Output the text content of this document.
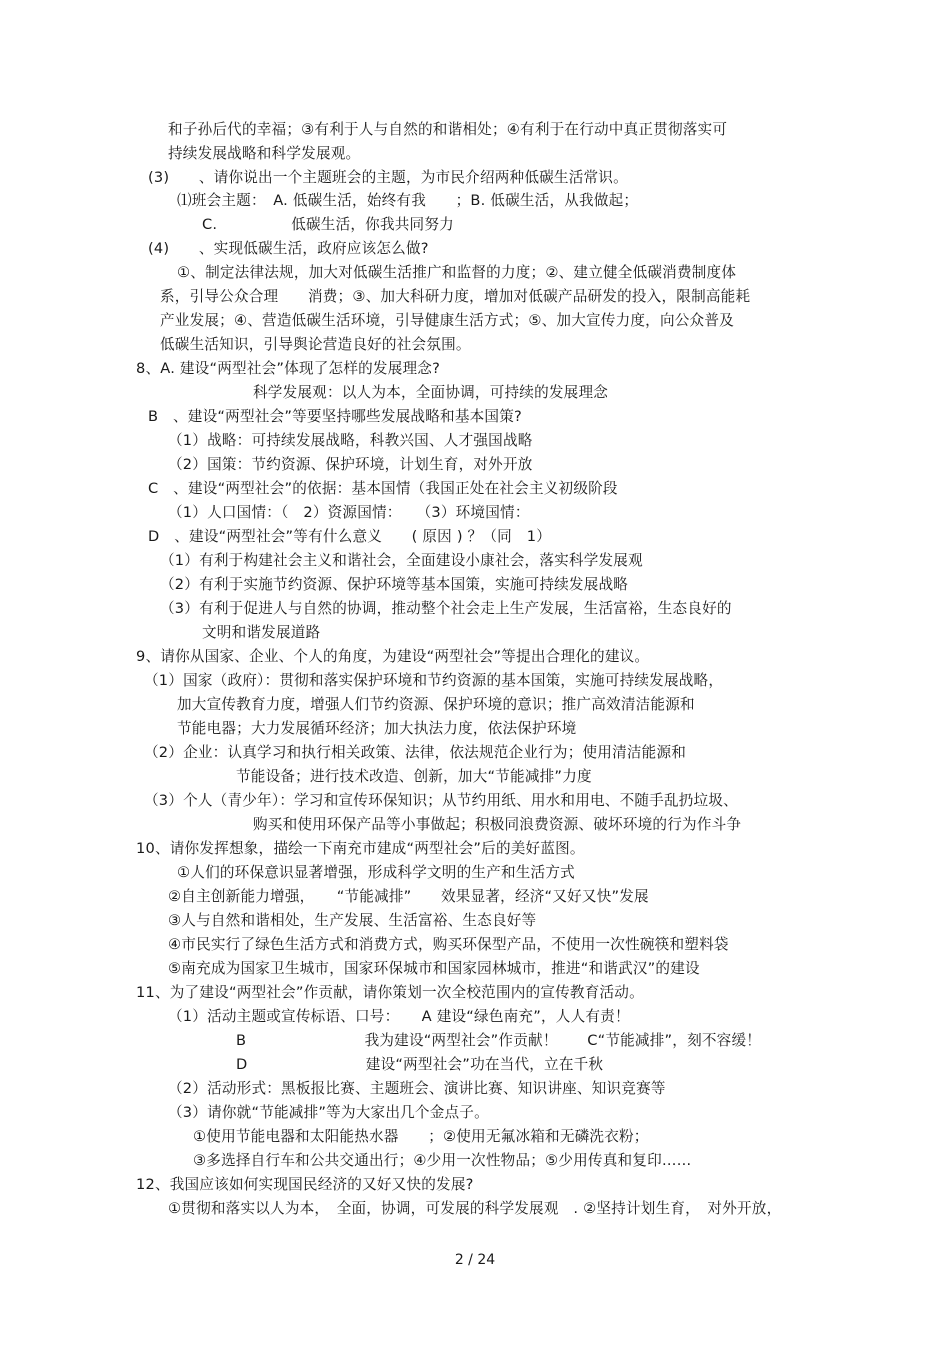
和子孙后代的幸福；③有利于人与自然的和谐相处；④有利于在行动中真正贯彻落实可
持续发展战略和科学发展观。
(3)　　、请你说出一个主题班会的主题，为市民介绍两种低碳生活常识。
⑴班会主题：　A. 低碳生活，始终有我　　；B. 低碳生活，从我做起；
C.　　　　　低碳生活，你我共同努力
(4)　　、实现低碳生活，政府应该怎么做?
①、制定法律法规，加大对低碳生活推广和监督的力度；②、建立健全低碳消费制度体
系，引导公众合理　　消费；③、加大科研力度，增加对低碳产品研发的投入，限制高能耗
产业发展；④、营造低碳生活环境，引导健康生活方式；⑤、加大宣传力度，向公众普及
低碳生活知识，引导舆论营造良好的社会氛围。
8、A. 建设“两型社会”体现了怎样的发展理念?
科学发展观：以人为本，全面协调，可持续的发展理念
B　、建设“两型社会”等要坚持哪些发展战略和基本国策?
（1）战略：可持续发展战略，科教兴国、人才强国战略
（2）国策：节约资源、保护环境，计划生育，对外开放
C　、建设“两型社会”的依据：基本国情（我国正处在社会主义初级阶段
（1）人口国情：（　2）资源国情：　　（3）环境国情：
D　、建设“两型社会”等有什么意义　　( 原因 ) ？（同　1）
（1）有利于构建社会主义和谐社会，全面建设小康社会，落实科学发展观
（2）有利于实施节约资源、保护环境等基本国策，实施可持续发展战略
（3）有利于促进人与自然的协调，推动整个社会走上生产发展，生活富裕，生态良好的
文明和谐发展道路
9、请你从国家、企业、个人的角度，为建设“两型社会”等提出合理化的建议。
（1）国家（政府）：贯彻和落实保护环境和节约资源的基本国策，实施可持续发展战略，
加大宣传教育力度，增强人们节约资源、保护环境的意识；推广高效清洁能源和
节能电器；大力发展循环经济；加大执法力度，依法保护环境
（2）企业：认真学习和执行相关政策、法律，依法规范企业行为；使用清洁能源和
节能设备；进行技术改造、创新，加大“节能减排”力度
（3）个人（青少年）：学习和宣传环保知识；从节约用纸、用水和用电、不随手乱扔垃圾、
购买和使用环保产品等小事做起；积极同浪费资源、破坏环境的行为作斗争
10、请你发挥想象，描绘一下南充市建成“两型社会”后的美好蓝图。
①人们的环保意识显著增强，形成科学文明的生产和生活方式
②自主创新能力增强，　　“节能减排”　　效果显著，经济“又好又快”发展
③人与自然和谐相处，生产发展、生活富裕、生态良好等
④市民实行了绿色生活方式和消费方式，购买环保型产品，不使用一次性碗筷和塑料袋
⑤南充成为国家卫生城市，国家环保城市和国家园林城市，推进“和谐武汉”的建设
11、为了建设“两型社会”作贡献，请你策划一次全校范围内的宣传教育活动。
（1）活动主题或宣传标语、口号：　　A 建设“绿色南充”，人人有责！
B　　　　　　　　我为建设“两型社会”作贡献！　　C“节能减排”，刻不容缓！
D　　　　　　　　建设“两型社会”功在当代，立在千秋
（2）活动形式：黑板报比赛、主题班会、演讲比赛、知识讲座、知识竞赛等
（3）请你就“节能减排”等为大家出几个金点子。
①使用节能电器和太阳能热水器　　；②使用无氟冰箱和无磷洗衣粉；
③多选择自行车和公共交通出行；④少用一次性物品；⑤少用传真和复印……
12、我国应该如何实现国民经济的又好又快的发展?
①贯彻和落实以人为本，　全面，协调，可发展的科学发展观　. ②坚持计划生育，　对外开放，
2 / 24
